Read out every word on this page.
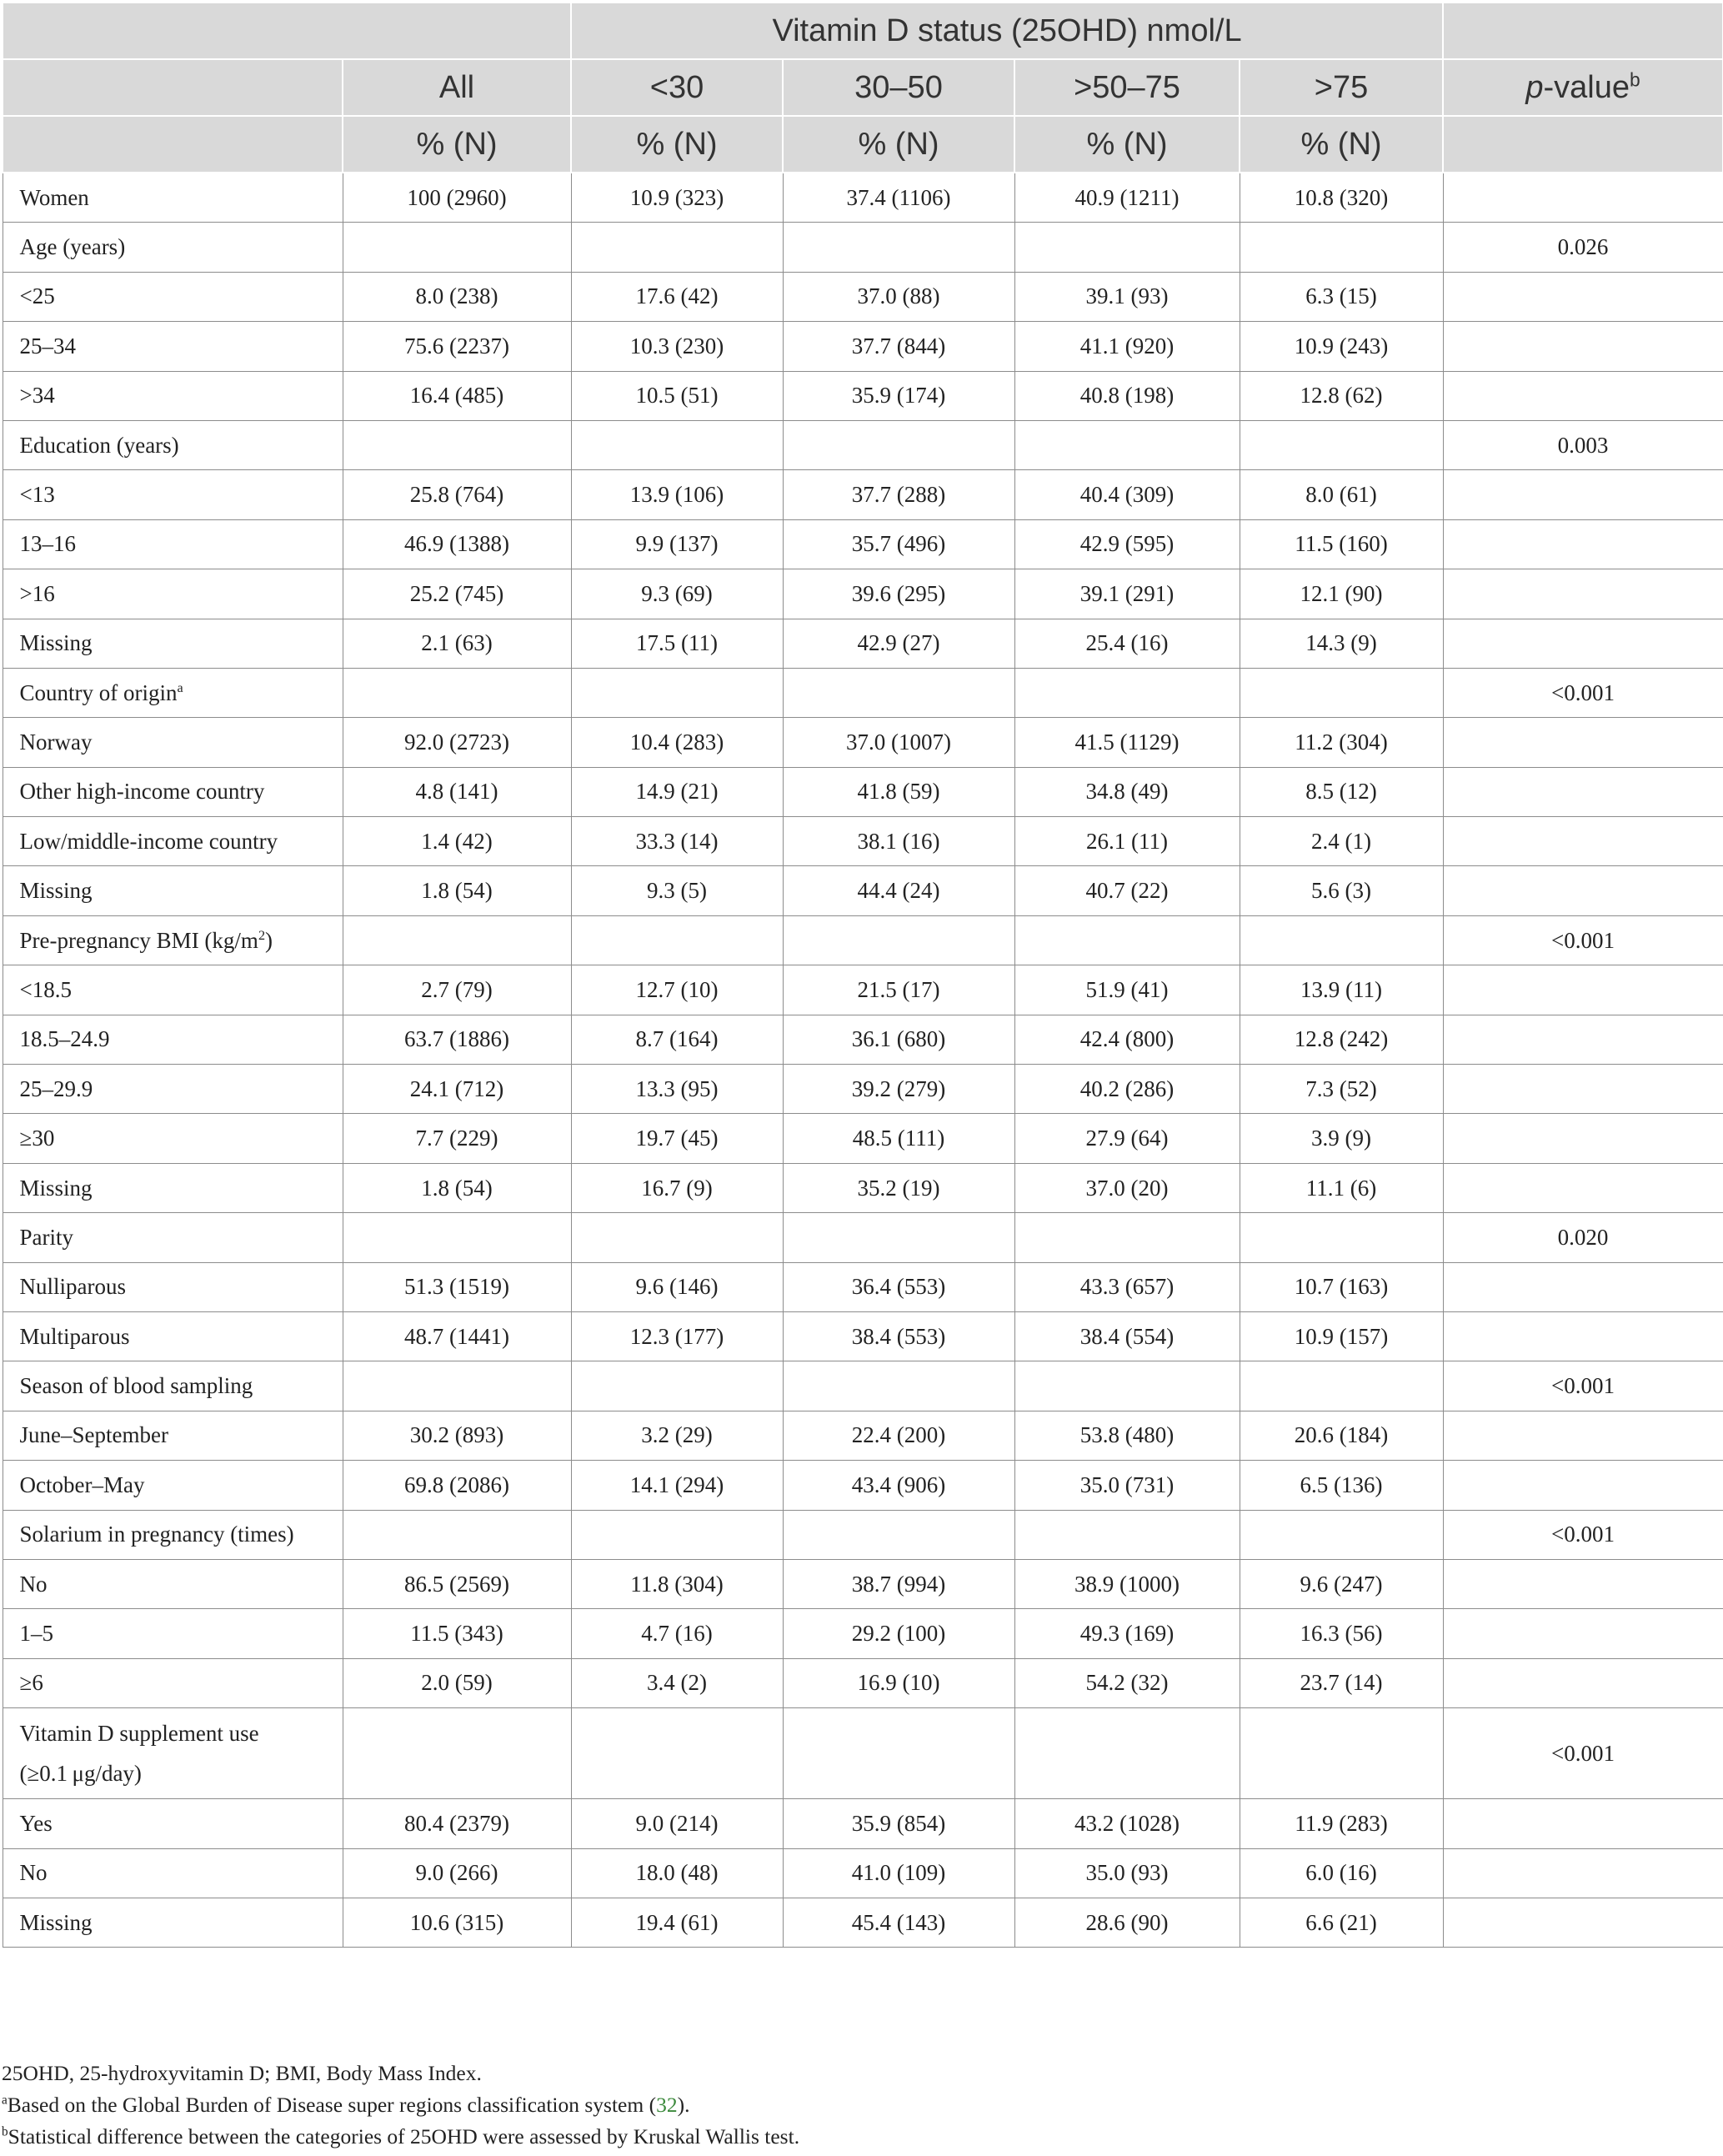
		Vitamin D status (25OHD) nmol/L				
	All	<30	30–50	>50–75	>75	p-value$^b$
	% (N)	% (N)	% (N)	% (N)	% (N)	
Women	100 (2960)	10.9 (323)	37.4 (1106)	40.9 (1211)	10.8 (320)	
Age (years)						0.026
<25	8.0 (238)	17.6 (42)	37.0 (88)	39.1 (93)	6.3 (15)	
25–34	75.6 (2237)	10.3 (230)	37.7 (844)	41.1 (920)	10.9 (243)	
>34	16.4 (485)	10.5 (51)	35.9 (174)	40.8 (198)	12.8 (62)	
Education (years)						0.003
<13	25.8 (764)	13.9 (106)	37.7 (288)	40.4 (309)	8.0 (61)	
13–16	46.9 (1388)	9.9 (137)	35.7 (496)	42.9 (595)	11.5 (160)	
>16	25.2 (745)	9.3 (69)	39.6 (295)	39.1 (291)	12.1 (90)	
Missing	2.1 (63)	17.5 (11)	42.9 (27)	25.4 (16)	14.3 (9)	
Country of origin$^a$						<0.001
Norway	92.0 (2723)	10.4 (283)	37.0 (1007)	41.5 (1129)	11.2 (304)	
Other high-income country	4.8 (141)	14.9 (21)	41.8 (59)	34.8 (49)	8.5 (12)	
Low/middle-income country	1.4 (42)	33.3 (14)	38.1 (16)	26.1 (11)	2.4 (1)	
Missing	1.8 (54)	9.3 (5)	44.4 (24)	40.7 (22)	5.6 (3)	
Pre-pregnancy BMI $(kg/m^2)$						<0.001
<18.5	2.7 (79)	12.7 (10)	21.5 (17)	51.9 (41)	13.9 (11)	
18.5–24.9	63.7 (1886)	8.7 (164)	36.1 (680)	42.4 (800)	12.8 (242)	
25–29.9	24.1 (712)	13.3 (95)	39.2 (279)	40.2 (286)	7.3 (52)	
≥30	7.7 (229)	19.7 (45)	48.5 (111)	27.9 (64)	3.9 (9)	
Missing	1.8 (54)	16.7 (9)	35.2 (19)	37.0 (20)	11.1 (6)	
Parity						0.020
Nulliparous	51.3 (1519)	9.6 (146)	36.4 (553)	43.3 (657)	10.7 (163)	
Multiparous	48.7 (1441)	12.3 (177)	38.4 (553)	38.4 (554)	10.9 (157)	
Season of blood sampling						<0.001
June–September	30.2 (893)	3.2 (29)	22.4 (200)	53.8 (480)	20.6 (184)	
October–May	69.8 (2086)	14.1 (294)	43.4 (906)	35.0 (731)	6.5 (136)	
Solarium in pregnancy (times)						<0.001
No	86.5 (2569)	11.8 (304)	38.7 (994)	38.9 (1000)	9.6 (247)	
1–5	11.5 (343)	4.7 (16)	29.2 (100)	49.3 (169)	16.3 (56)	
≥6	2.0 (59)	3.4 (2)	16.9 (10)	54.2 (32)	23.7 (14)	
Vitamin D supplement use
(≥0.1 μg/day)						<0.001
Yes	80.4 (2379)	9.0 (214)	35.9 (854)	43.2 (1028)	11.9 (283)	
No	9.0 (266)	18.0 (48)	41.0 (109)	35.0 (93)	6.0 (16)	
Missing	10.6 (315)	19.4 (61)	45.4 (143)	28.6 (90)	6.6 (21)	

25OHD, 25-hydroxyvitamin D; BMI, Body Mass Index.

$^a$Based on the Global Burden of Disease super regions classification system (32).

$^b$Statistical difference between the categories of 25OHD were assessed by Kruskal Wallis test.
